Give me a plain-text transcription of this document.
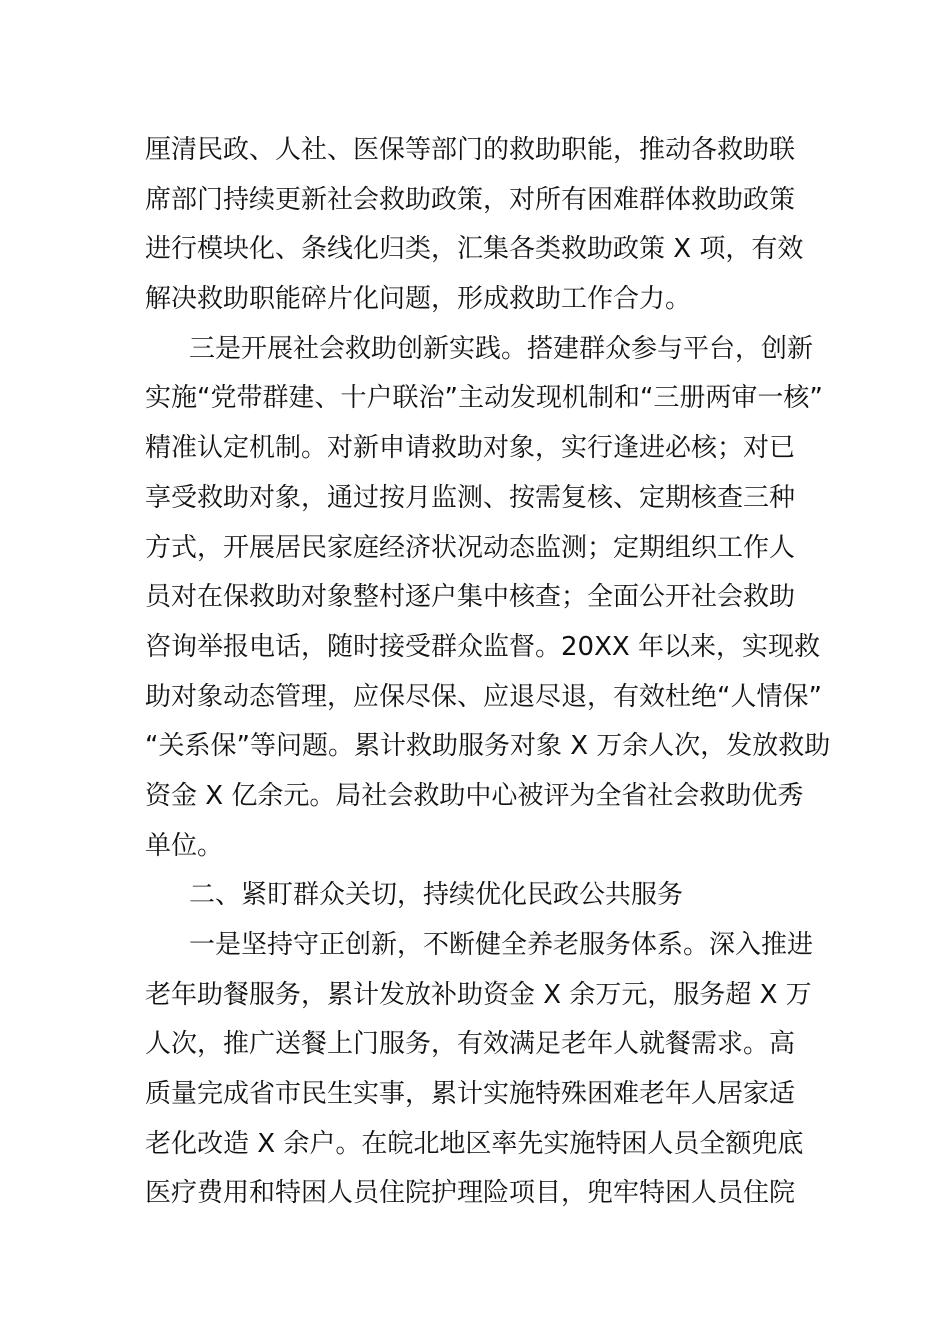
厘清民政、人社、医保等部门的救助职能，推动各救助联
席部门持续更新社会救助政策，对所有困难群体救助政策
进行模块化、条线化归类，汇集各类救助政策 X 项，有效
解决救助职能碎片化问题，形成救助工作合力。
三是开展社会救助创新实践。搭建群众参与平台，创新
实施“党带群建、十户联治”主动发现机制和“三册两审一核”
精准认定机制。对新申请救助对象，实行逢进必核；对已
享受救助对象，通过按月监测、按需复核、定期核查三种
方式，开展居民家庭经济状况动态监测；定期组织工作人
员对在保救助对象整村逐户集中核查；全面公开社会救助
咨询举报电话，随时接受群众监督。20XX 年以来，实现救
助对象动态管理，应保尽保、应退尽退，有效杜绝“人情保”
“关系保”等问题。累计救助服务对象 X 万余人次，发放救助
资金 X 亿余元。局社会救助中心被评为全省社会救助优秀
单位。
二、紧盯群众关切，持续优化民政公共服务
一是坚持守正创新，不断健全养老服务体系。深入推进
老年助餐服务，累计发放补助资金 X 余万元，服务超 X 万
人次，推广送餐上门服务，有效满足老年人就餐需求。高
质量完成省市民生实事，累计实施特殊困难老年人居家适
老化改造 X 余户。在皖北地区率先实施特困人员全额兜底
医疗费用和特困人员住院护理险项目，兜牢特困人员住院
